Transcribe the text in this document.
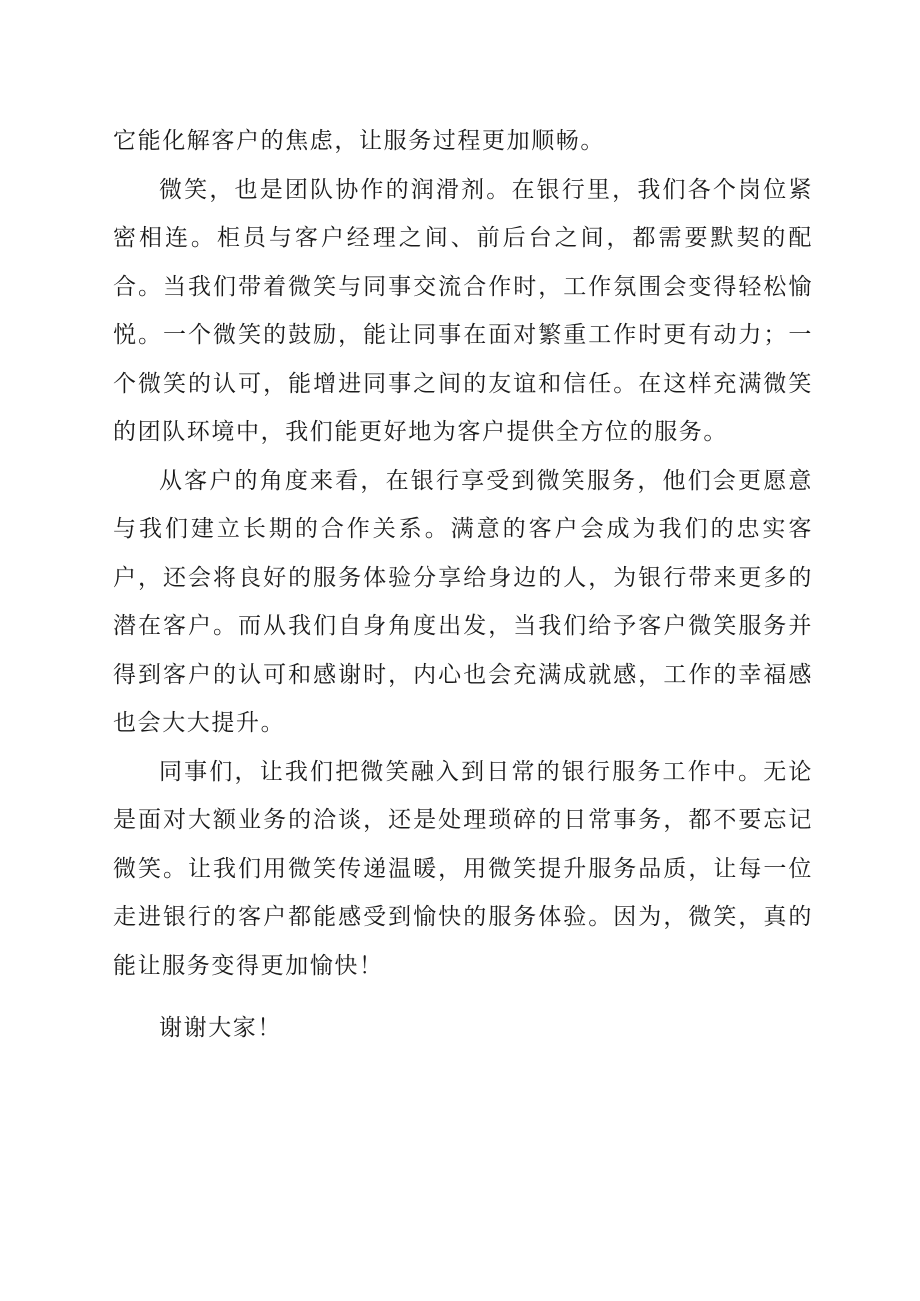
它能化解客户的焦虑，让服务过程更加顺畅。

微笑，也是团队协作的润滑剂。在银行里，我们各个岗位紧密相连。柜员与客户经理之间、前后台之间，都需要默契的配合。当我们带着微笑与同事交流合作时，工作氛围会变得轻松愉悦。一个微笑的鼓励，能让同事在面对繁重工作时更有动力；一个微笑的认可，能增进同事之间的友谊和信任。在这样充满微笑的团队环境中，我们能更好地为客户提供全方位的服务。

从客户的角度来看，在银行享受到微笑服务，他们会更愿意与我们建立长期的合作关系。满意的客户会成为我们的忠实客户，还会将良好的服务体验分享给身边的人，为银行带来更多的潜在客户。而从我们自身角度出发，当我们给予客户微笑服务并得到客户的认可和感谢时，内心也会充满成就感，工作的幸福感也会大大提升。

同事们，让我们把微笑融入到日常的银行服务工作中。无论是面对大额业务的洽谈，还是处理琐碎的日常事务，都不要忘记微笑。让我们用微笑传递温暖，用微笑提升服务品质，让每一位走进银行的客户都能感受到愉快的服务体验。因为，微笑，真的能让服务变得更加愉快！

谢谢大家！
